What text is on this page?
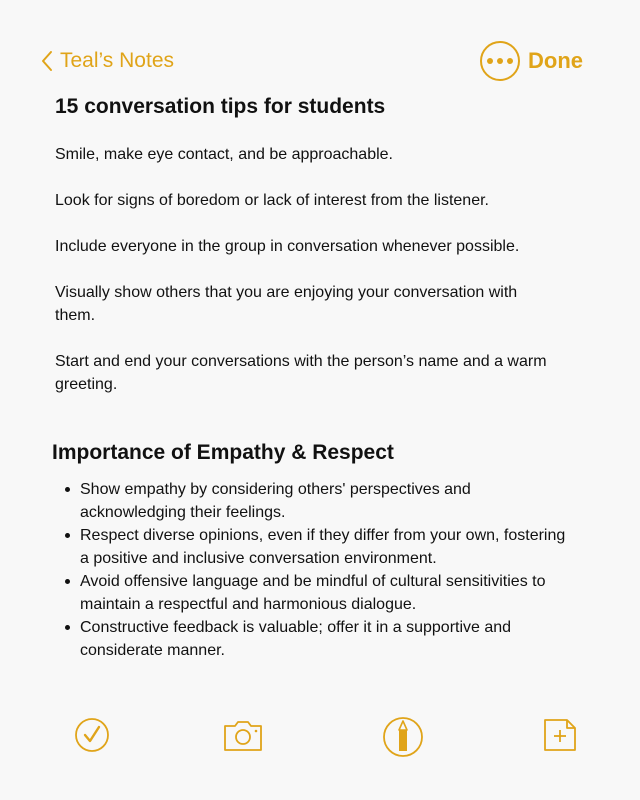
Teal’s Notes	Done
15 conversation tips for students
Smile, make eye contact, and be approachable.
Look for signs of boredom or lack of interest from the listener.
Include everyone in the group in conversation whenever possible.
Visually show others that you are enjoying your conversation with them.
Start and end your conversations with the person’s name and a warm greeting.
Importance of Empathy & Respect
Show empathy by considering others' perspectives and acknowledging their feelings.
Respect diverse opinions, even if they differ from your own, fostering a positive and inclusive conversation environment.
Avoid offensive language and be mindful of cultural sensitivities to maintain a respectful and harmonious dialogue.
Constructive feedback is valuable; offer it in a supportive and considerate manner.
